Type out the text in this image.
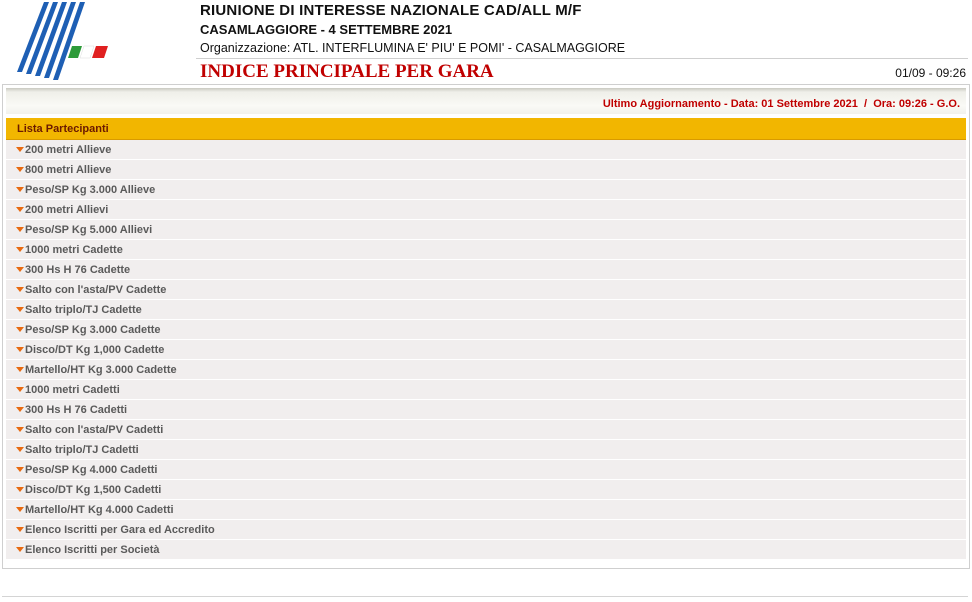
RIUNIONE DI INTERESSE NAZIONALE CAD/ALL M/F
CASAMLAGGIORE - 4 SETTEMBRE 2021
Organizzazione: ATL. INTERFLUMINA E' PIU' E POMI' - CASALMAGGIORE
INDICE PRINCIPALE PER GARA	01/09 - 09:26
Ultimo Aggiornamento - Data: 01 Settembre 2021  /  Ora: 09:26 - G.O.
Lista Partecipanti
200 metri Allieve
800 metri Allieve
Peso/SP Kg 3.000 Allieve
200 metri Allievi
Peso/SP Kg 5.000 Allievi
1000 metri Cadette
300 Hs H 76 Cadette
Salto con l'asta/PV Cadette
Salto triplo/TJ Cadette
Peso/SP Kg 3.000 Cadette
Disco/DT Kg 1,000 Cadette
Martello/HT Kg 3.000 Cadette
1000 metri Cadetti
300 Hs H 76 Cadetti
Salto con l'asta/PV Cadetti
Salto triplo/TJ Cadetti
Peso/SP Kg 4.000 Cadetti
Disco/DT Kg 1,500 Cadetti
Martello/HT Kg 4.000 Cadetti
Elenco Iscritti per Gara ed Accredito
Elenco Iscritti per Società
